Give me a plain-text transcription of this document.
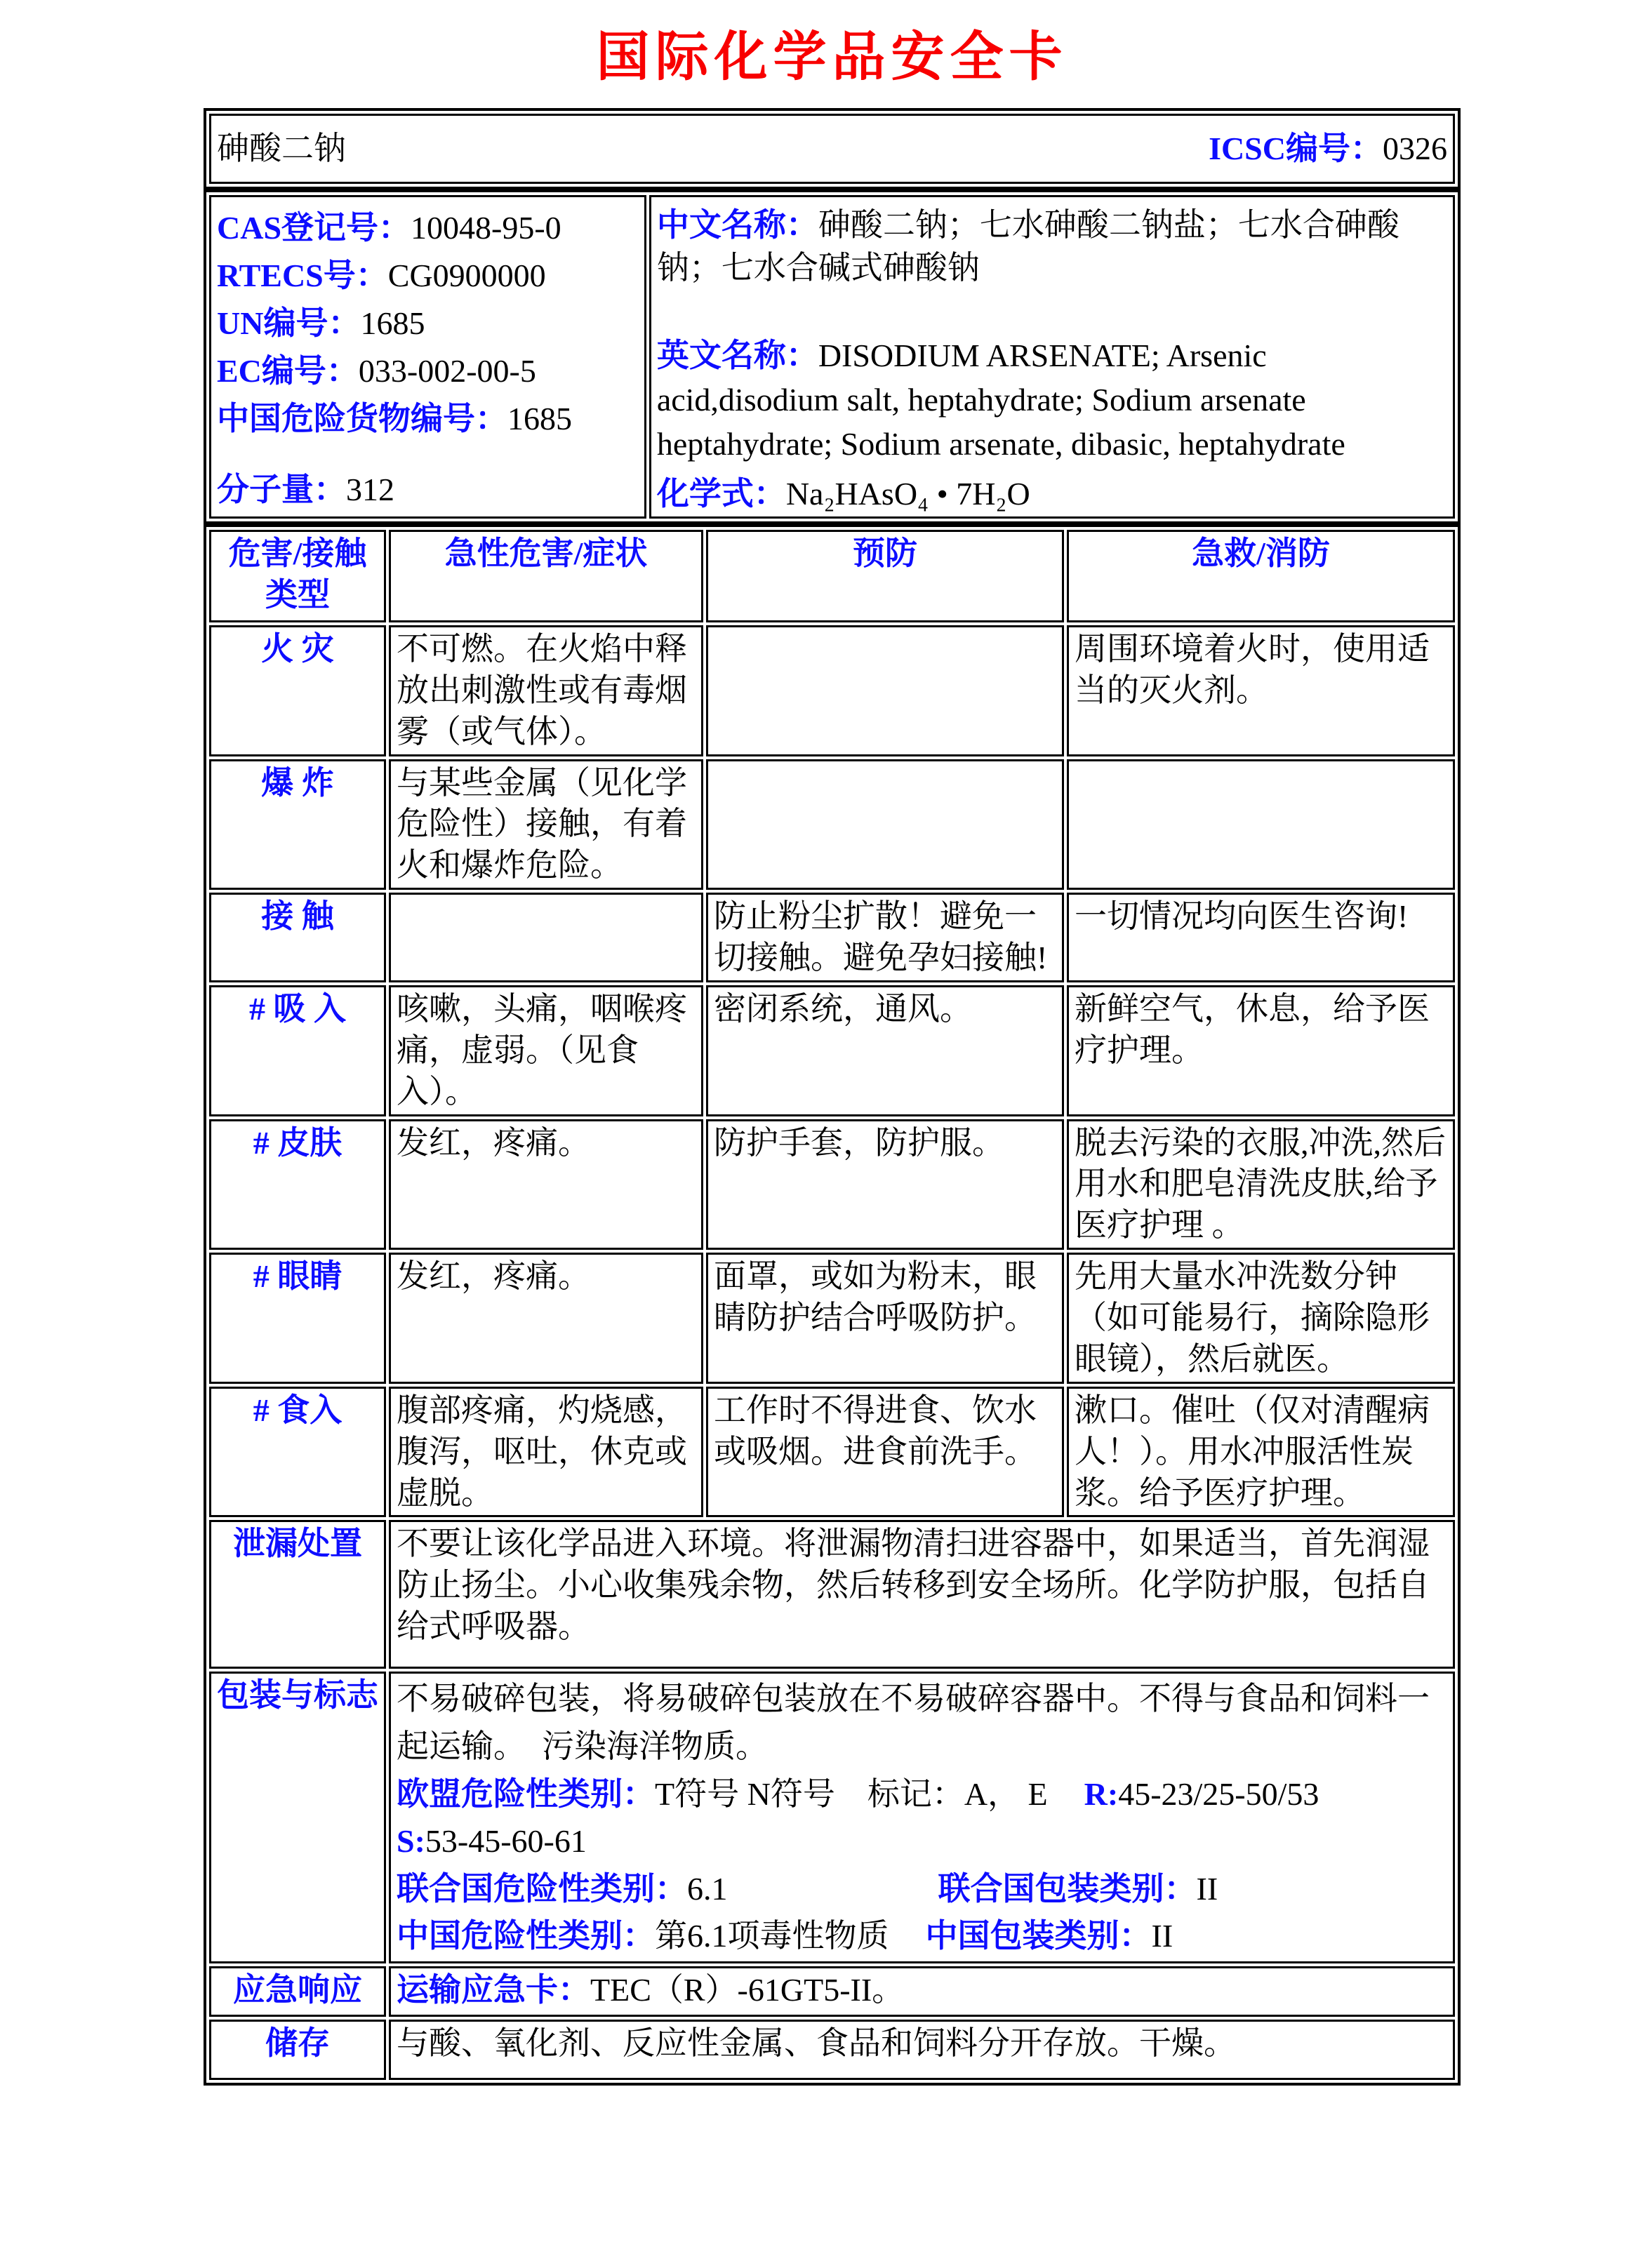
国际化学品安全卡
砷酸二钠	ICSC编号：0326
CAS登记号：10048-95-0
RTECS号：CG0900000
UN编号：1685
EC编号：033-002-00-5
中国危险货物编号：1685
分子量：312

中文名称：砷酸二钠；七水砷酸二钠盐；七水合砷酸钠；七水合碱式砷酸钠
英文名称：DISODIUM ARSENATE; Arsenic acid,disodium salt, heptahydrate; Sodium arsenate heptahydrate; Sodium arsenate, dibasic, heptahydrate
化学式：Na₂HAsO₄ • 7H₂O
危害/接触类型	急性危害/症状	预防	急救/消防
火 灾	不可燃。在火焰中释放出刺激性或有毒烟雾（或气体）。		周围环境着火时，使用适当的灭火剂。
爆 炸	与某些金属（见化学危险性）接触，有着火和爆炸危险。		
接 触		防止粉尘扩散！避免一切接触。避免孕妇接触!	一切情况均向医生咨询!
# 吸 入	咳嗽，头痛，咽喉疼痛，虚弱。（见食入）。	密闭系统，通风。	新鲜空气，休息，给予医疗护理。
# 皮肤	发红，疼痛。	防护手套，防护服。	脱去污染的衣服,冲洗,然后用水和肥皂清洗皮肤,给予医疗护理 。
# 眼睛	发红，疼痛。	面罩，或如为粉末，眼睛防护结合呼吸防护。	先用大量水冲洗数分钟（如可能易行，摘除隐形眼镜），然后就医。
# 食入	腹部疼痛，灼烧感，腹泻，呕吐，休克或虚脱。	工作时不得进食、饮水或吸烟。进食前洗手。	漱口。催吐（仅对清醒病人！）。用水冲服活性炭浆。给予医疗护理。
泄漏处置	不要让该化学品进入环境。将泄漏物清扫进容器中，如果适当，首先润湿防止扬尘。小心收集残余物，然后转移到安全场所。化学防护服，包括自给式呼吸器。		
包装与标志	不易破碎包装，将易破碎包装放在不易破碎容器中。不得与食品和饲料一起运输。　污染海洋物质。
欧盟危险性类别：T符号 N符号　标记：A， E R:45-23/25-50/53
S:53-45-60-61
联合国危险性类别：6.1 联合国包装类别：II
中国危险性类别：第6.1项毒性物质 中国包装类别：II		

应急响应	运输应急卡：TEC（R）-61GT5-II。		
储存	与酸、氧化剂、反应性金属、食品和饲料分开存放。干燥。		
